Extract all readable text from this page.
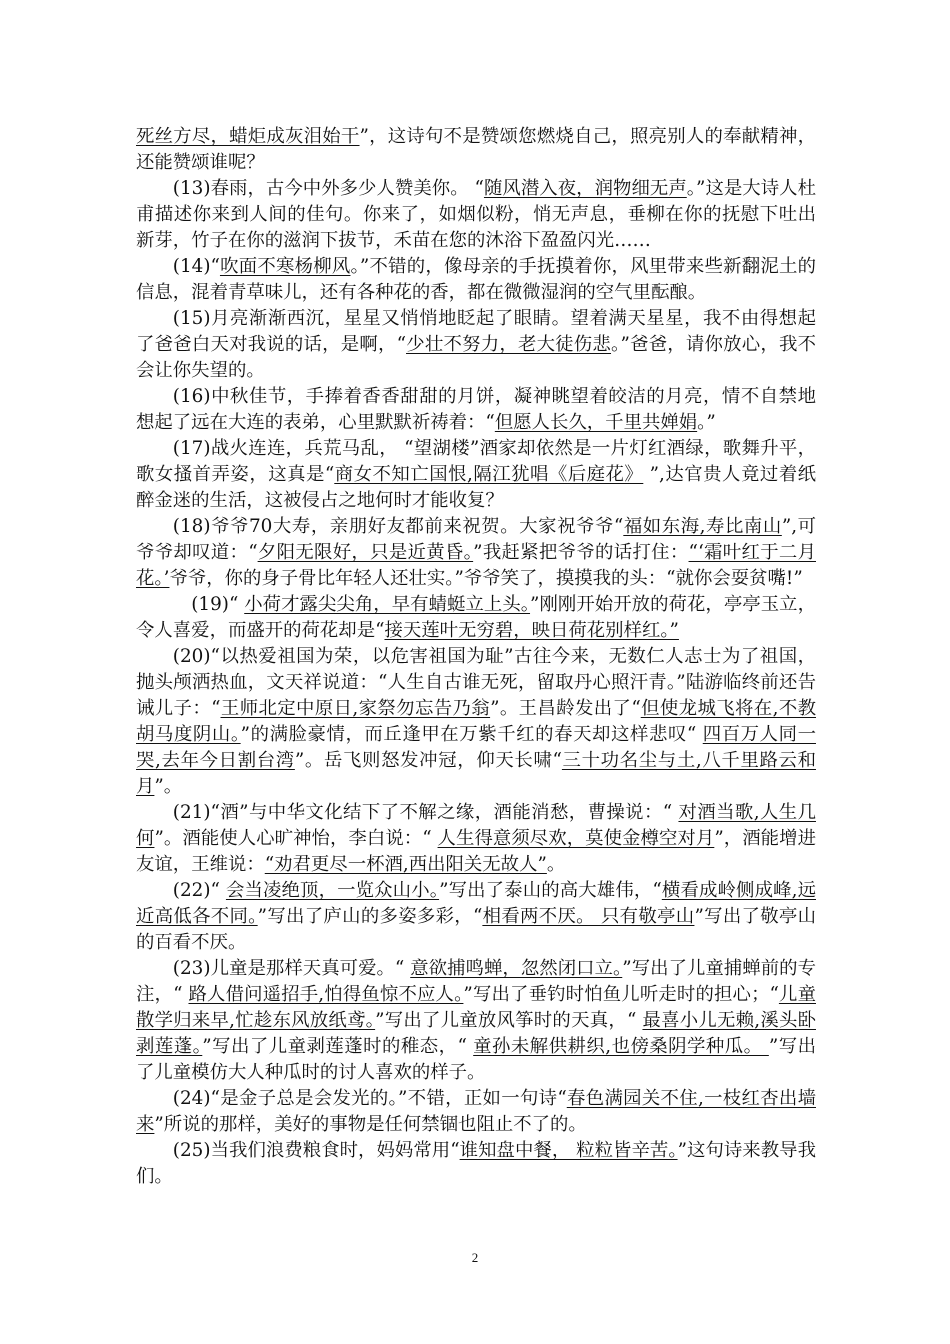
死丝方尽，蜡炬成灰泪始干”，这诗句不是赞颂您燃烧自己，照亮别人的奉献精神，还能赞颂谁呢？

(13)春雨，古今中外多少人赞美你。 “随风潜入夜，润物细无声。”这是大诗人杜甫描述你来到人间的佳句。你来了，如烟似粉，悄无声息，垂柳在你的抚慰下吐出新芽，竹子在你的滋润下拔节，禾苗在您的沐浴下盈盈闪光……

(14)“吹面不寒杨柳风。”不错的，像母亲的手抚摸着你，风里带来些新翻泥土的信息，混着青草味儿，还有各种花的香，都在微微湿润的空气里酝酿。

(15)月亮渐渐西沉，星星又悄悄地眨起了眼睛。望着满天星星，我不由得想起了爸爸白天对我说的话，是啊，“少壮不努力，老大徒伤悲。”爸爸，请你放心，我不会让你失望的。

(16)中秋佳节，手捧着香香甜甜的月饼，凝神眺望着皎洁的月亮，情不自禁地想起了远在大连的表弟，心里默默祈祷着：“但愿人长久，千里共婵娟。”

(17)战火连连，兵荒马乱， “望湖楼”酒家却依然是一片灯红酒绿，歌舞升平，歌女搔首弄姿，这真是“商女不知亡国恨,隔江犹唱《后庭花》 ”,达官贵人竟过着纸醉金迷的生活，这被侵占之地何时才能收复？

(18)爷爷70大寿，亲朋好友都前来祝贺。大家祝爷爷“福如东海,寿比南山”,可爷爷却叹道：“夕阳无限好，只是近黄昏。”我赶紧把爷爷的话打住：“‘霜叶红于二月花。’爷爷，你的身子骨比年轻人还壮实。”爷爷笑了，摸摸我的头：“就你会耍贫嘴!”

(19)“ 小荷才露尖尖角，早有蜻蜓立上头。”刚刚开始开放的荷花，亭亭玉立，令人喜爱，而盛开的荷花却是“接天莲叶无穷碧，映日荷花别样红。”

(20)“以热爱祖国为荣，以危害祖国为耻”古往今来，无数仁人志士为了祖国，抛头颅洒热血，文天祥说道：“人生自古谁无死，留取丹心照汗青。”陆游临终前还告诫儿子：“王师北定中原日,家祭勿忘告乃翁”。王昌龄发出了“但使龙城飞将在,不教胡马度阴山。”的满脸豪情，而丘逢甲在万紫千红的春天却这样悲叹“ 四百万人同一哭,去年今日割台湾”。岳飞则怒发冲冠，仰天长啸“三十功名尘与土,八千里路云和月”。

(21)“酒”与中华文化结下了不解之缘，酒能消愁，曹操说：“ 对酒当歌,人生几何”。酒能使人心旷神怡，李白说：“ 人生得意须尽欢，莫使金樽空对月”，酒能增进友谊，王维说：“劝君更尽一杯酒,西出阳关无故人”。

(22)“ 会当凌绝顶，一览众山小。”写出了泰山的高大雄伟，“横看成岭侧成峰,远近高低各不同。”写出了庐山的多姿多彩，“相看两不厌。 只有敬亭山”写出了敬亭山的百看不厌。

(23)儿童是那样天真可爱。“ 意欲捕鸣蝉，忽然闭口立。”写出了儿童捕蝉前的专注，“ 路人借问遥招手,怕得鱼惊不应人。”写出了垂钓时怕鱼儿听走时的担心；“儿童散学归来早,忙趁东风放纸鸢。”写出了儿童放风筝时的天真，“ 最喜小儿无赖,溪头卧剥莲蓬。”写出了儿童剥莲蓬时的稚态，“ 童孙未解供耕织,也傍桑阴学种瓜。 ”写出了儿童模仿大人种瓜时的讨人喜欢的样子。

(24)“是金子总是会发光的。”不错，正如一句诗“春色满园关不住,一枝红杏出墙来”所说的那样，美好的事物是任何禁锢也阻止不了的。

(25)当我们浪费粮食时，妈妈常用“谁知盘中餐， 粒粒皆辛苦。”这句诗来教导我们。

2
